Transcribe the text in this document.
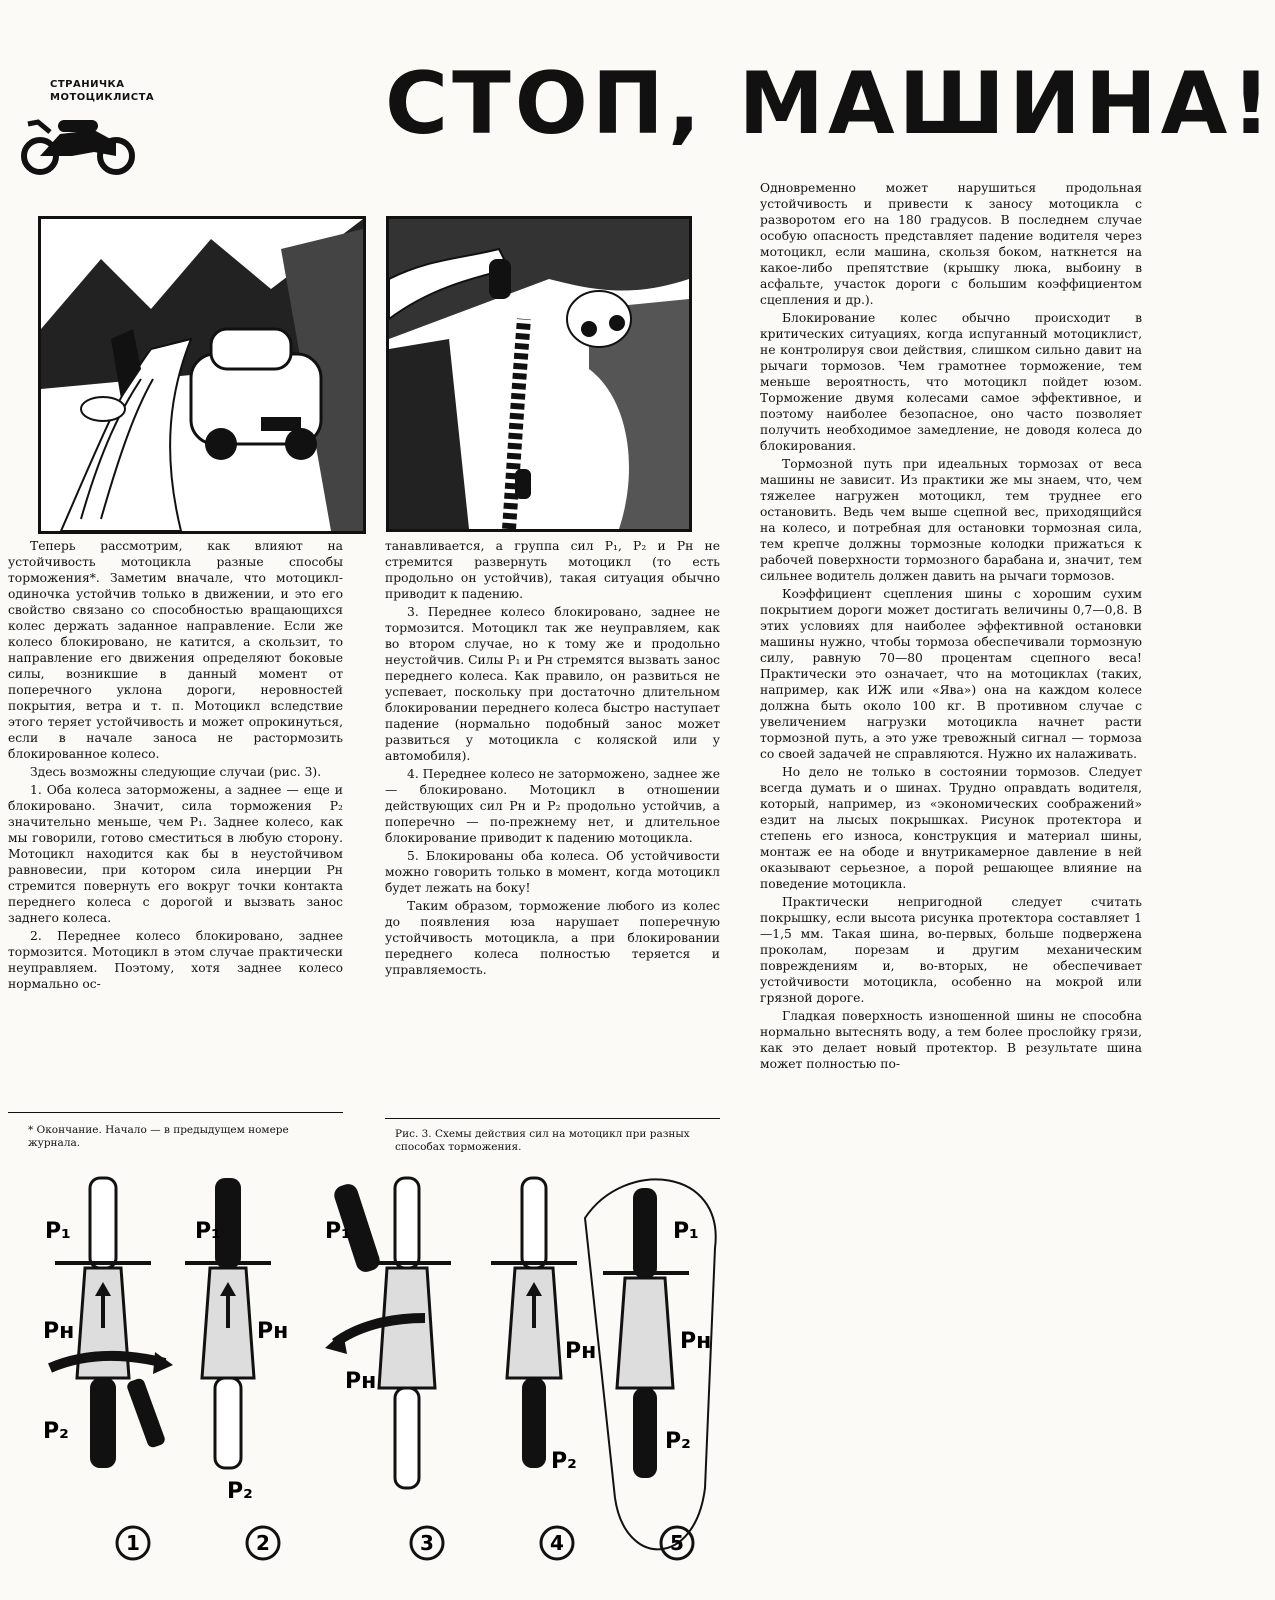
СТРАНИЧКА
МОТОЦИКЛИСТА	СТОП, МАШИНА!

Теперь рассмотрим, как влияют на устойчивость мотоцикла разные способы торможения*. Заметим вначале, что мотоцикл-одиночка устойчив только в движении, и это его свойство связано со способностью вращающихся колес держать заданное направление. Если же колесо блокировано, не катится, а скользит, то направление его движения определяют боковые силы, возникшие в данный момент от поперечного уклона дороги, неровностей покрытия, ветра и т. п. Мотоцикл вследствие этого теряет устойчивость и может опрокинуться, если в начале заноса не растормозить блокированное колесо.

Здесь возможны следующие случаи (рис. 3).

1. Оба колеса заторможены, а заднее — еще и блокировано. Значит, сила торможения P₂ значительно меньше, чем P₁. Заднее колесо, как мы говорили, готово сместиться в любую сторону. Мотоцикл находится как бы в неустойчивом равновесии, при котором сила инерции Pн стремится повернуть его вокруг точки контакта переднего колеса с дорогой и вызвать занос заднего колеса.

2. Переднее колесо блокировано, заднее тормозится. Мотоцикл в этом случае практически неуправляем. Поэтому, хотя заднее колесо нормально ос-

* Окончание. Начало — в предыдущем номере журнала.

танавливается, а группа сил P₁, P₂ и Pн не стремится развернуть мотоцикл (то есть продольно он устойчив), такая ситуация обычно приводит к падению.

3. Переднее колесо блокировано, заднее не тормозится. Мотоцикл так же неуправляем, как во втором случае, но к тому же и продольно неустойчив. Силы P₁ и Pн стремятся вызвать занос переднего колеса. Как правило, он развиться не успевает, поскольку при достаточно длительном блокировании переднего колеса быстро наступает падение (нормально подобный занос может развиться у мотоцикла с коляской или у автомобиля).

4. Переднее колесо не заторможено, заднее же — блокировано. Мотоцикл в отношении действующих сил Pн и P₂ продольно устойчив, а поперечно — по-прежнему нет, и длительное блокирование приводит к падению мотоцикла.

5. Блокированы оба колеса. Об устойчивости можно говорить только в момент, когда мотоцикл будет лежать на боку!

Таким образом, торможение любого из колес до появления юза нарушает поперечную устойчивость мотоцикла, а при блокировании переднего колеса полностью теряется и управляемость.

Рис. 3. Схемы действия сил на мотоцикл при разных способах торможения.

Одновременно может нарушиться продольная устойчивость и привести к заносу мотоцикла с разворотом его на 180 градусов. В последнем случае особую опасность представляет падение водителя через мотоцикл, если машина, скользя боком, наткнется на какое-либо препятствие (крышку люка, выбоину в асфальте, участок дороги с большим коэффициентом сцепления и др.).

Блокирование колес обычно происходит в критических ситуациях, когда испуганный мотоциклист, не контролируя свои действия, слишком сильно давит на рычаги тормозов. Чем грамотнее торможение, тем меньше вероятность, что мотоцикл пойдет юзом. Торможение двумя колесами самое эффективное, и поэтому наиболее безопасное, оно часто позволяет получить необходимое замедление, не доводя колеса до блокирования.

Тормозной путь при идеальных тормозах от веса машины не зависит. Из практики же мы знаем, что, чем тяжелее нагружен мотоцикл, тем труднее его остановить. Ведь чем выше сцепной вес, приходящийся на колесо, и потребная для остановки тормозная сила, тем крепче должны тормозные колодки прижаться к рабочей поверхности тормозного барабана и, значит, тем сильнее водитель должен давить на рычаги тормозов.

Коэффициент сцепления шины с хорошим сухим покрытием дороги может достигать величины 0,7—0,8. В этих условиях для наиболее эффективной остановки машины нужно, чтобы тормоза обеспечивали тормозную силу, равную 70—80 процентам сцепного веса! Практически это означает, что на мотоциклах (таких, например, как ИЖ или «Ява») она на каждом колесе должна быть около 100 кг. В противном случае с увеличением нагрузки мотоцикла начнет расти тормозной путь, а это уже тревожный сигнал — тормоза со своей задачей не справляются. Нужно их налаживать.

Но дело не только в состоянии тормозов. Следует всегда думать и о шинах. Трудно оправдать водителя, который, например, из «экономических соображений» ездит на лысых покрышках. Рисунок протектора и степень его износа, конструкция и материал шины, монтаж ее на ободе и внутрикамерное давление в ней оказывают серьезное, а порой решающее влияние на поведение мотоцикла.

Практически непригодной следует считать покрышку, если высота рисунка протектора составляет 1—1,5 мм. Такая шина, во-первых, больше подвержена проколам, порезам и другим механическим повреждениям и, во-вторых, не обеспечивает устойчивости мотоцикла, особенно на мокрой или грязной дороге.

Гладкая поверхность изношенной шины не способна нормально вытеснять воду, а тем более прослойку грязи, как это делает новый протектор. В результате шина может полностью по-

P₁
Pн
P₂
1
P₁
Pн
P₂
2
P₁
Pн
3
Pн
P₂
4
P₁
Pн
P₂
5
